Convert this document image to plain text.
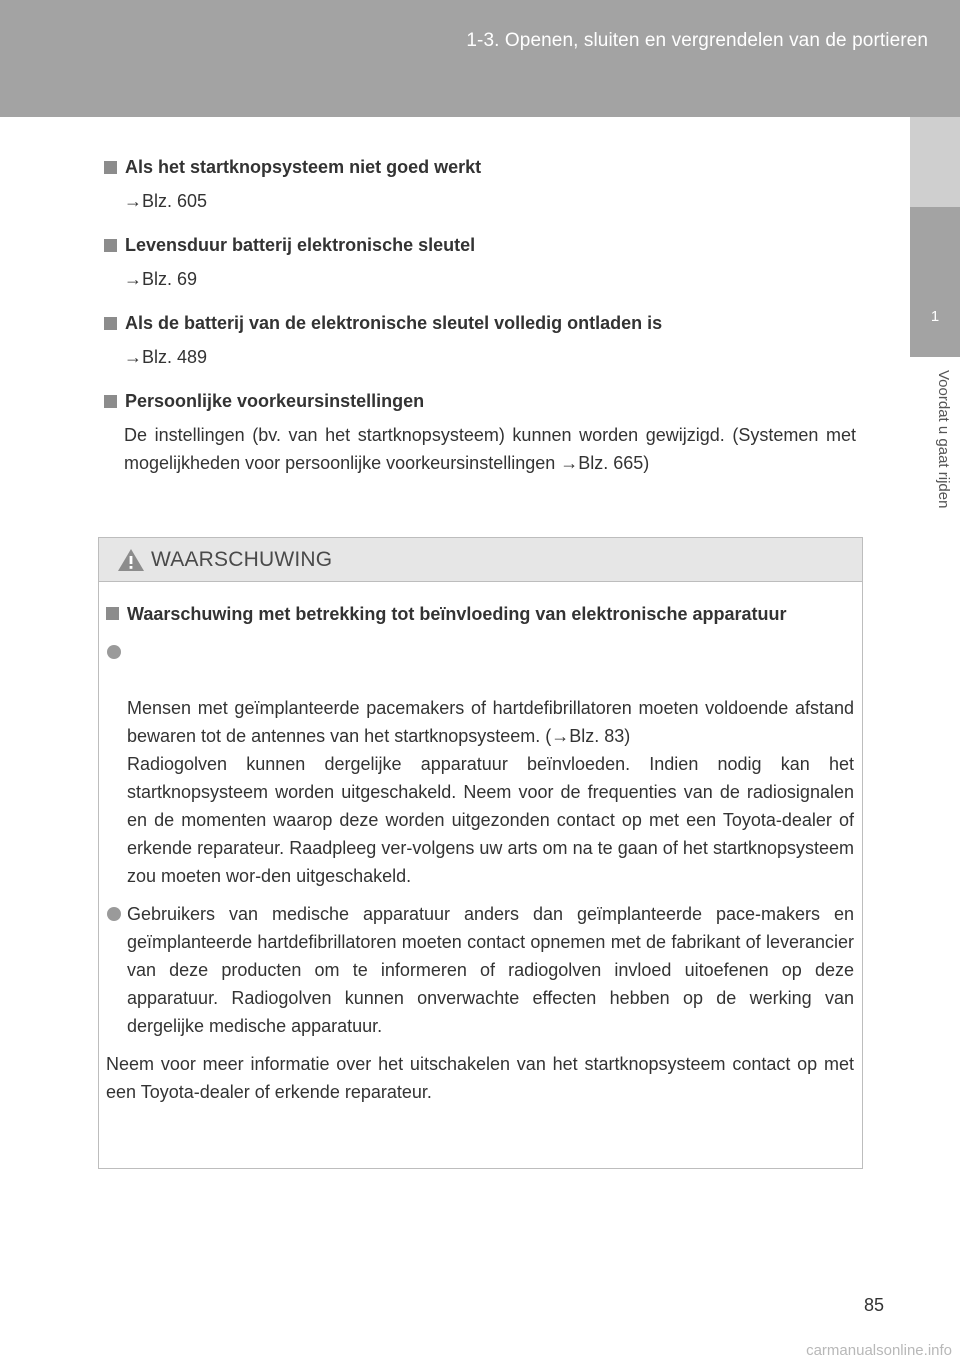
1-3. Openen, sluiten en vergrendelen van de portieren
1
Voordat u gaat rijden
Als het startknopsysteem niet goed werkt
→Blz. 605
Levensduur batterij elektronische sleutel
→Blz. 69
Als de batterij van de elektronische sleutel volledig ontladen is
→Blz. 489
Persoonlijke voorkeursinstellingen
De instellingen (bv. van het startknopsysteem) kunnen worden gewijzigd. (Systemen met mogelijkheden voor persoonlijke voorkeursinstellingen →Blz. 665)
WAARSCHUWING
Waarschuwing met betrekking tot beïnvloeding van elektronische apparatuur

Mensen met geïmplanteerde pacemakers of hartdefibrillatoren moeten voldoende afstand bewaren tot de antennes van het startknopsysteem. (→Blz. 83)
Radiogolven kunnen dergelijke apparatuur beïnvloeden. Indien nodig kan het startknopsysteem worden uitgeschakeld. Neem voor de frequenties van de radiosignalen en de momenten waarop deze worden uitgezonden contact op met een Toyota-dealer of erkende reparateur. Raadpleeg ver-volgens uw arts om na te gaan of het startknopsysteem zou moeten wor-den uitgeschakeld.

Gebruikers van medische apparatuur anders dan geïmplanteerde pace-makers en geïmplanteerde hartdefibrillatoren moeten contact opnemen met de fabrikant of leverancier van deze producten om te informeren of radiogolven invloed uitoefenen op deze apparatuur. Radiogolven kunnen onverwachte effecten hebben op de werking van dergelijke medische apparatuur.
Neem voor meer informatie over het uitschakelen van het startknopsysteem contact op met een Toyota-dealer of erkende reparateur.
85
carmanualsonline.info
